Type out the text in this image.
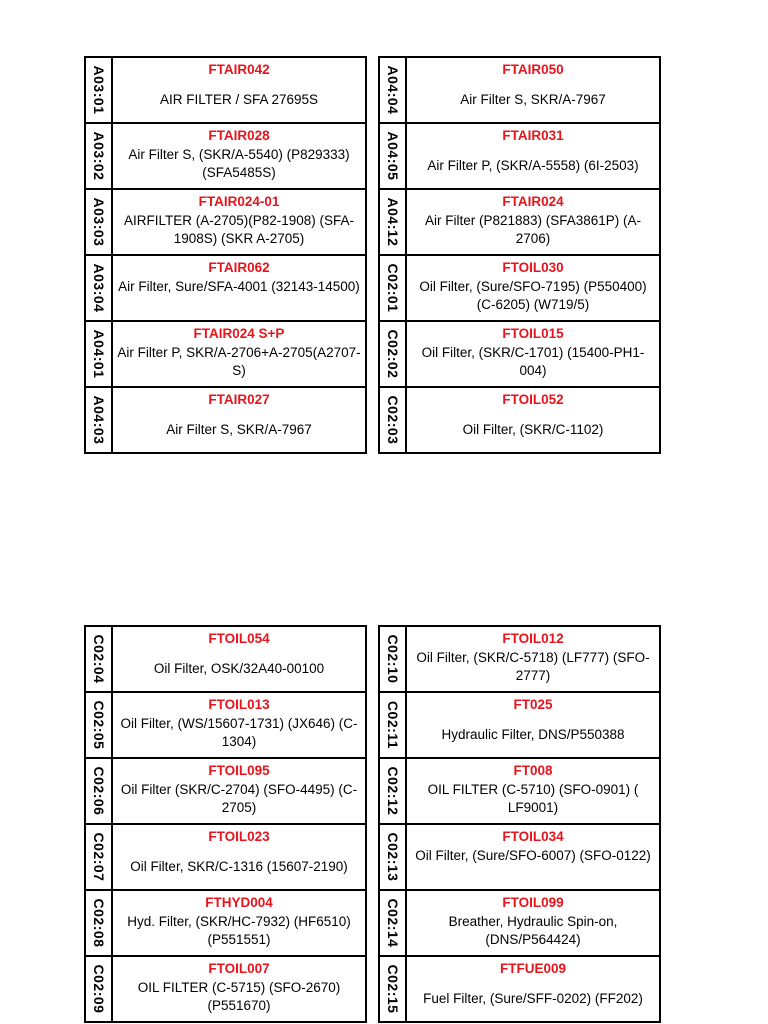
A03:01	FTAIR042
AIR FILTER / SFA 27695S

A03:02	FTAIR028
Air Filter S, (SKR/A-5540) (P829333) (SFA5485S)

A03:03	FTAIR024-01
AIRFILTER (A-2705)(P82-1908) (SFA-1908S) (SKR A-2705)

A03:04	FTAIR062
Air Filter, Sure/SFA-4001 (32143-14500)

A04:01	FTAIR024 S+P
Air Filter P, SKR/A-2706+A-2705(A2707-S)

A04:03	FTAIR027
Air Filter S, SKR/A-7967
A04:04	FTAIR050
Air Filter S, SKR/A-7967

A04:05	FTAIR031
Air Filter P, (SKR/A-5558) (6I-2503)

A04:12	FTAIR024
Air Filter (P821883) (SFA3861P) (A-2706)

C02:01	FTOIL030
Oil Filter, (Sure/SFO-7195) (P550400) (C-6205) (W719/5)

C02:02	FTOIL015
Oil Filter, (SKR/C-1701) (15400-PH1-004)

C02:03	FTOIL052
Oil Filter, (SKR/C-1102)
C02:04	FTOIL054
Oil Filter, OSK/32A40-00100

C02:05	FTOIL013
Oil Filter, (WS/15607-1731) (JX646) (C-1304)

C02:06	FTOIL095
Oil Filter (SKR/C-2704) (SFO-4495) (C-2705)

C02:07	FTOIL023
Oil Filter, SKR/C-1316 (15607-2190)

C02:08	FTHYD004
Hyd. Filter, (SKR/HC-7932) (HF6510) (P551551)

C02:09	FTOIL007
OIL FILTER (C-5715) (SFO-2670) (P551670)
C02:10	FTOIL012
Oil Filter, (SKR/C-5718) (LF777) (SFO-2777)

C02:11	FT025
Hydraulic Filter, DNS/P550388

C02:12	FT008
OIL FILTER (C-5710) (SFO-0901) ( LF9001)

C02:13	FTOIL034
Oil Filter, (Sure/SFO-6007) (SFO-0122)

C02:14	FTOIL099
Breather, Hydraulic Spin-on, (DNS/P564424)

C02:15	FTFUE009
Fuel Filter, (Sure/SFF-0202) (FF202)
